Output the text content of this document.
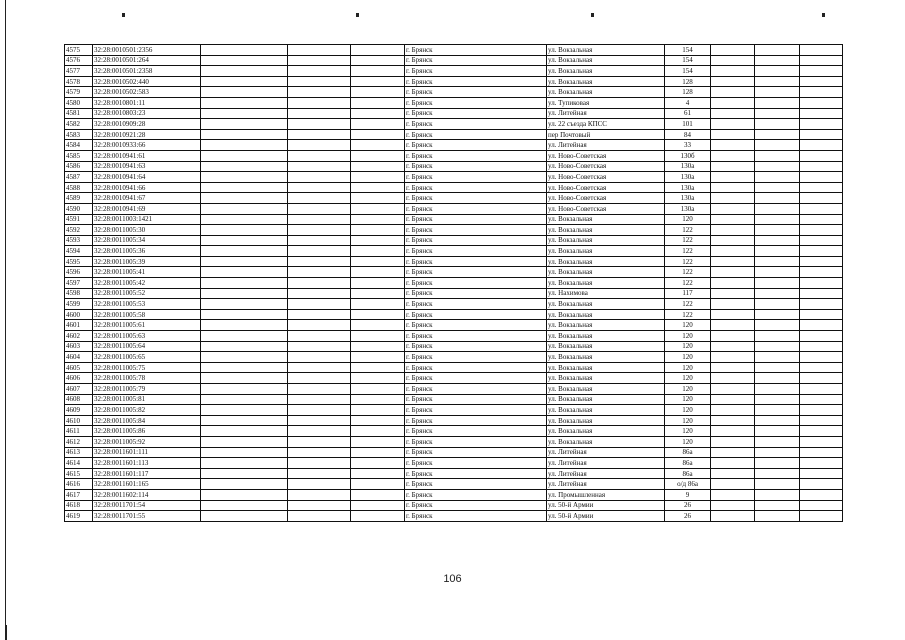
4575	32:28:0010501:2356				г. Брянск	ул. Вокзальная	154			
4576	32:28:0010501:264				г. Брянск	ул. Вокзальная	154			
4577	32:28:0010501:2358				г. Брянск	ул. Вокзальная	154			
4578	32:28:0010502:440				г. Брянск	ул. Вокзальная	128			
4579	32:28:0010502:583				г. Брянск	ул. Вокзальная	128			
4580	32:28:0010801:11				г. Брянск	ул. Тупиковая	4			
4581	32:28:0010803:23				г. Брянск	ул. Литейная	61			
4582	32:28:0010909:28				г. Брянск	ул. 22 съезда КПСС	101			
4583	32:28:0010921:28				г. Брянск	пер Почтовый	84			
4584	32:28:0010933:66				г. Брянск	ул. Литейная	33			
4585	32:28:0010941:61				г. Брянск	ул. Ново-Советская	130б			
4586	32:28:0010941:63				г. Брянск	ул. Ново-Советская	130а			
4587	32:28:0010941:64				г. Брянск	ул. Ново-Советская	130а			
4588	32:28:0010941:66				г. Брянск	ул. Ново-Советская	130а			
4589	32:28:0010941:67				г. Брянск	ул. Ново-Советская	130а			
4590	32:28:0010941:69				г. Брянск	ул. Ново-Советская	130а			
4591	32:28:0011003:1421				г. Брянск	ул. Вокзальная	120			
4592	32:28:0011005:30				г. Брянск	ул. Вокзальная	122			
4593	32:28:0011005:34				г. Брянск	ул. Вокзальная	122			
4594	32:28:0011005:36				г. Брянск	ул. Вокзальная	122			
4595	32:28:0011005:39				г. Брянск	ул. Вокзальная	122			
4596	32:28:0011005:41				г. Брянск	ул. Вокзальная	122			
4597	32:28:0011005:42				г. Брянск	ул. Вокзальная	122			
4598	32:28:0011005:52				г. Брянск	ул. Нахимова	117			
4599	32:28:0011005:53				г. Брянск	ул. Вокзальная	122			
4600	32:28:0011005:58				г. Брянск	ул. Вокзальная	122			
4601	32:28:0011005:61				г. Брянск	ул. Вокзальная	120			
4602	32:28:0011005:63				г. Брянск	ул. Вокзальная	120			
4603	32:28:0011005:64				г. Брянск	ул. Вокзальная	120			
4604	32:28:0011005:65				г. Брянск	ул. Вокзальная	120			
4605	32:28:0011005:75				г. Брянск	ул. Вокзальная	120			
4606	32:28:0011005:78				г. Брянск	ул. Вокзальная	120			
4607	32:28:0011005:79				г. Брянск	ул. Вокзальная	120			
4608	32:28:0011005:81				г. Брянск	ул. Вокзальная	120			
4609	32:28:0011005:82				г. Брянск	ул. Вокзальная	120			
4610	32:28:0011005:84				г. Брянск	ул. Вокзальная	120			
4611	32:28:0011005:86				г. Брянск	ул. Вокзальная	120			
4612	32:28:0011005:92				г. Брянск	ул. Вокзальная	120			
4613	32:28:0011601:111				г. Брянск	ул. Литейная	86а			
4614	32:28:0011601:113				г. Брянск	ул. Литейная	86а			
4615	32:28:0011601:117				г. Брянск	ул. Литейная	86а			
4616	32:28:0011601:165				г. Брянск	ул. Литейная	о/д 86а			
4617	32:28:0011602:114				г. Брянск	ул. Промышленная	9			
4618	32:28:0011701:54				г. Брянск	ул. 50-й Армии	26			
4619	32:28:0011701:55				г. Брянск	ул. 50-й Армии	26			
106
